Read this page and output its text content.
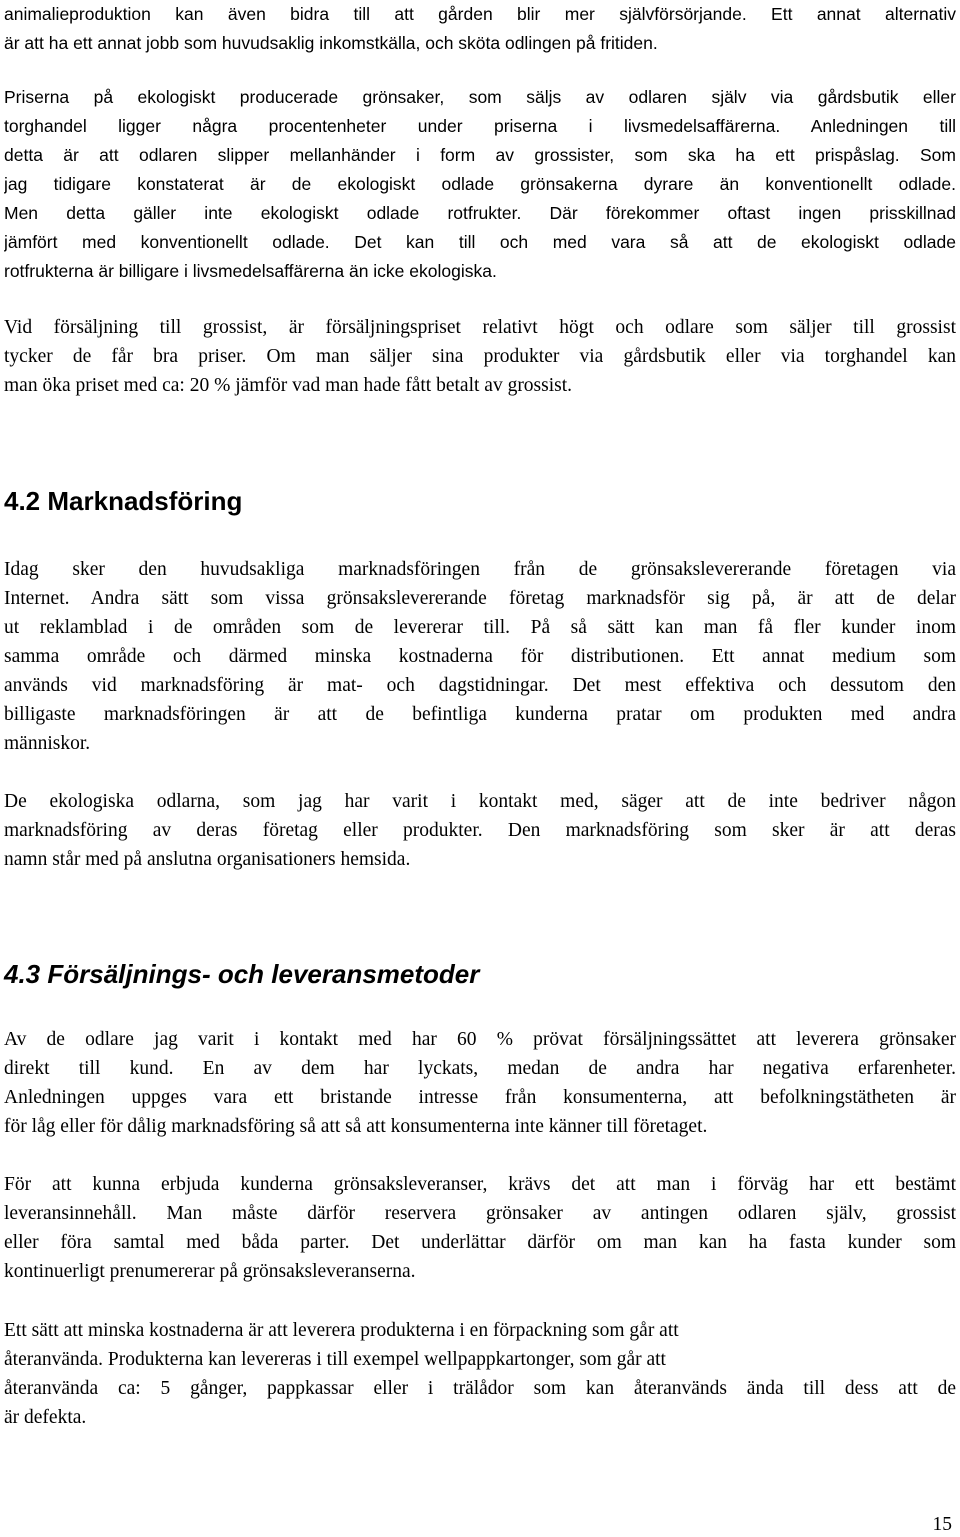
animalieproduktion kan även bidra till att gården blir mer självförsörjande. Ett annat alternativ
är att ha ett annat jobb som huvudsaklig inkomstkälla, och sköta odlingen på fritiden.
Priserna på ekologiskt producerade grönsaker, som säljs av odlaren själv via gårdsbutik eller
torghandel ligger några procentenheter under priserna i livsmedelsaffärerna. Anledningen till
detta är att odlaren slipper mellanhänder i form av grossister, som ska ha ett prispåslag. Som
jag tidigare konstaterat är de ekologiskt odlade grönsakerna dyrare än konventionellt odlade.
Men detta gäller inte ekologiskt odlade rotfrukter. Där förekommer oftast ingen prisskillnad
jämfört med konventionellt odlade. Det kan till och med vara så att de ekologiskt odlade
rotfrukterna är billigare i livsmedelsaffärerna än icke ekologiska.
Vid försäljning till grossist, är försäljningspriset relativt högt och odlare som säljer till grossist
tycker de får bra priser. Om man säljer sina produkter via gårdsbutik eller via torghandel kan
man öka priset med ca: 20 % jämför vad man hade fått betalt av grossist.
4.2 Marknadsföring
Idag sker den huvudsakliga marknadsföringen från de grönsakslevererande företagen via
Internet. Andra sätt som vissa grönsakslevererande företag marknadsför sig på, är att de delar
ut reklamblad i de områden som de levererar till. På så sätt kan man få fler kunder inom
samma område och därmed minska kostnaderna för distributionen. Ett annat medium som
används vid marknadsföring är mat- och dagstidningar. Det mest effektiva och dessutom den
billigaste marknadsföringen är att de befintliga kunderna pratar om produkten med andra
människor.
De ekologiska odlarna, som jag har varit i kontakt med, säger att de inte bedriver någon
marknadsföring av deras företag eller produkter. Den marknadsföring som sker är att deras
namn står med på anslutna organisationers hemsida.
4.3 Försäljnings- och leveransmetoder
Av de odlare jag varit i kontakt med har 60 % prövat försäljningssättet att leverera grönsaker
direkt till kund. En av dem har lyckats, medan de andra har negativa erfarenheter.
Anledningen uppges vara ett bristande intresse från konsumenterna, att befolkningstätheten är
för låg eller för dålig marknadsföring så att så att konsumenterna inte känner till företaget.
För att kunna erbjuda kunderna grönsaksleveranser, krävs det att man i förväg har ett bestämt
leveransinnehåll. Man måste därför reservera grönsaker av antingen odlaren själv, grossist
eller föra samtal med båda parter. Det underlättar därför om man kan ha fasta kunder som
kontinuerligt prenumererar på grönsaksleveranserna.
Ett sätt att minska kostnaderna är att leverera produkterna i en förpackning som går att
återanvända. Produkterna kan levereras i till exempel wellpappkartonger, som går att
återanvända ca: 5 gånger, pappkassar eller i trälådor som kan återanvänds ända till dess att de
är defekta.
15
